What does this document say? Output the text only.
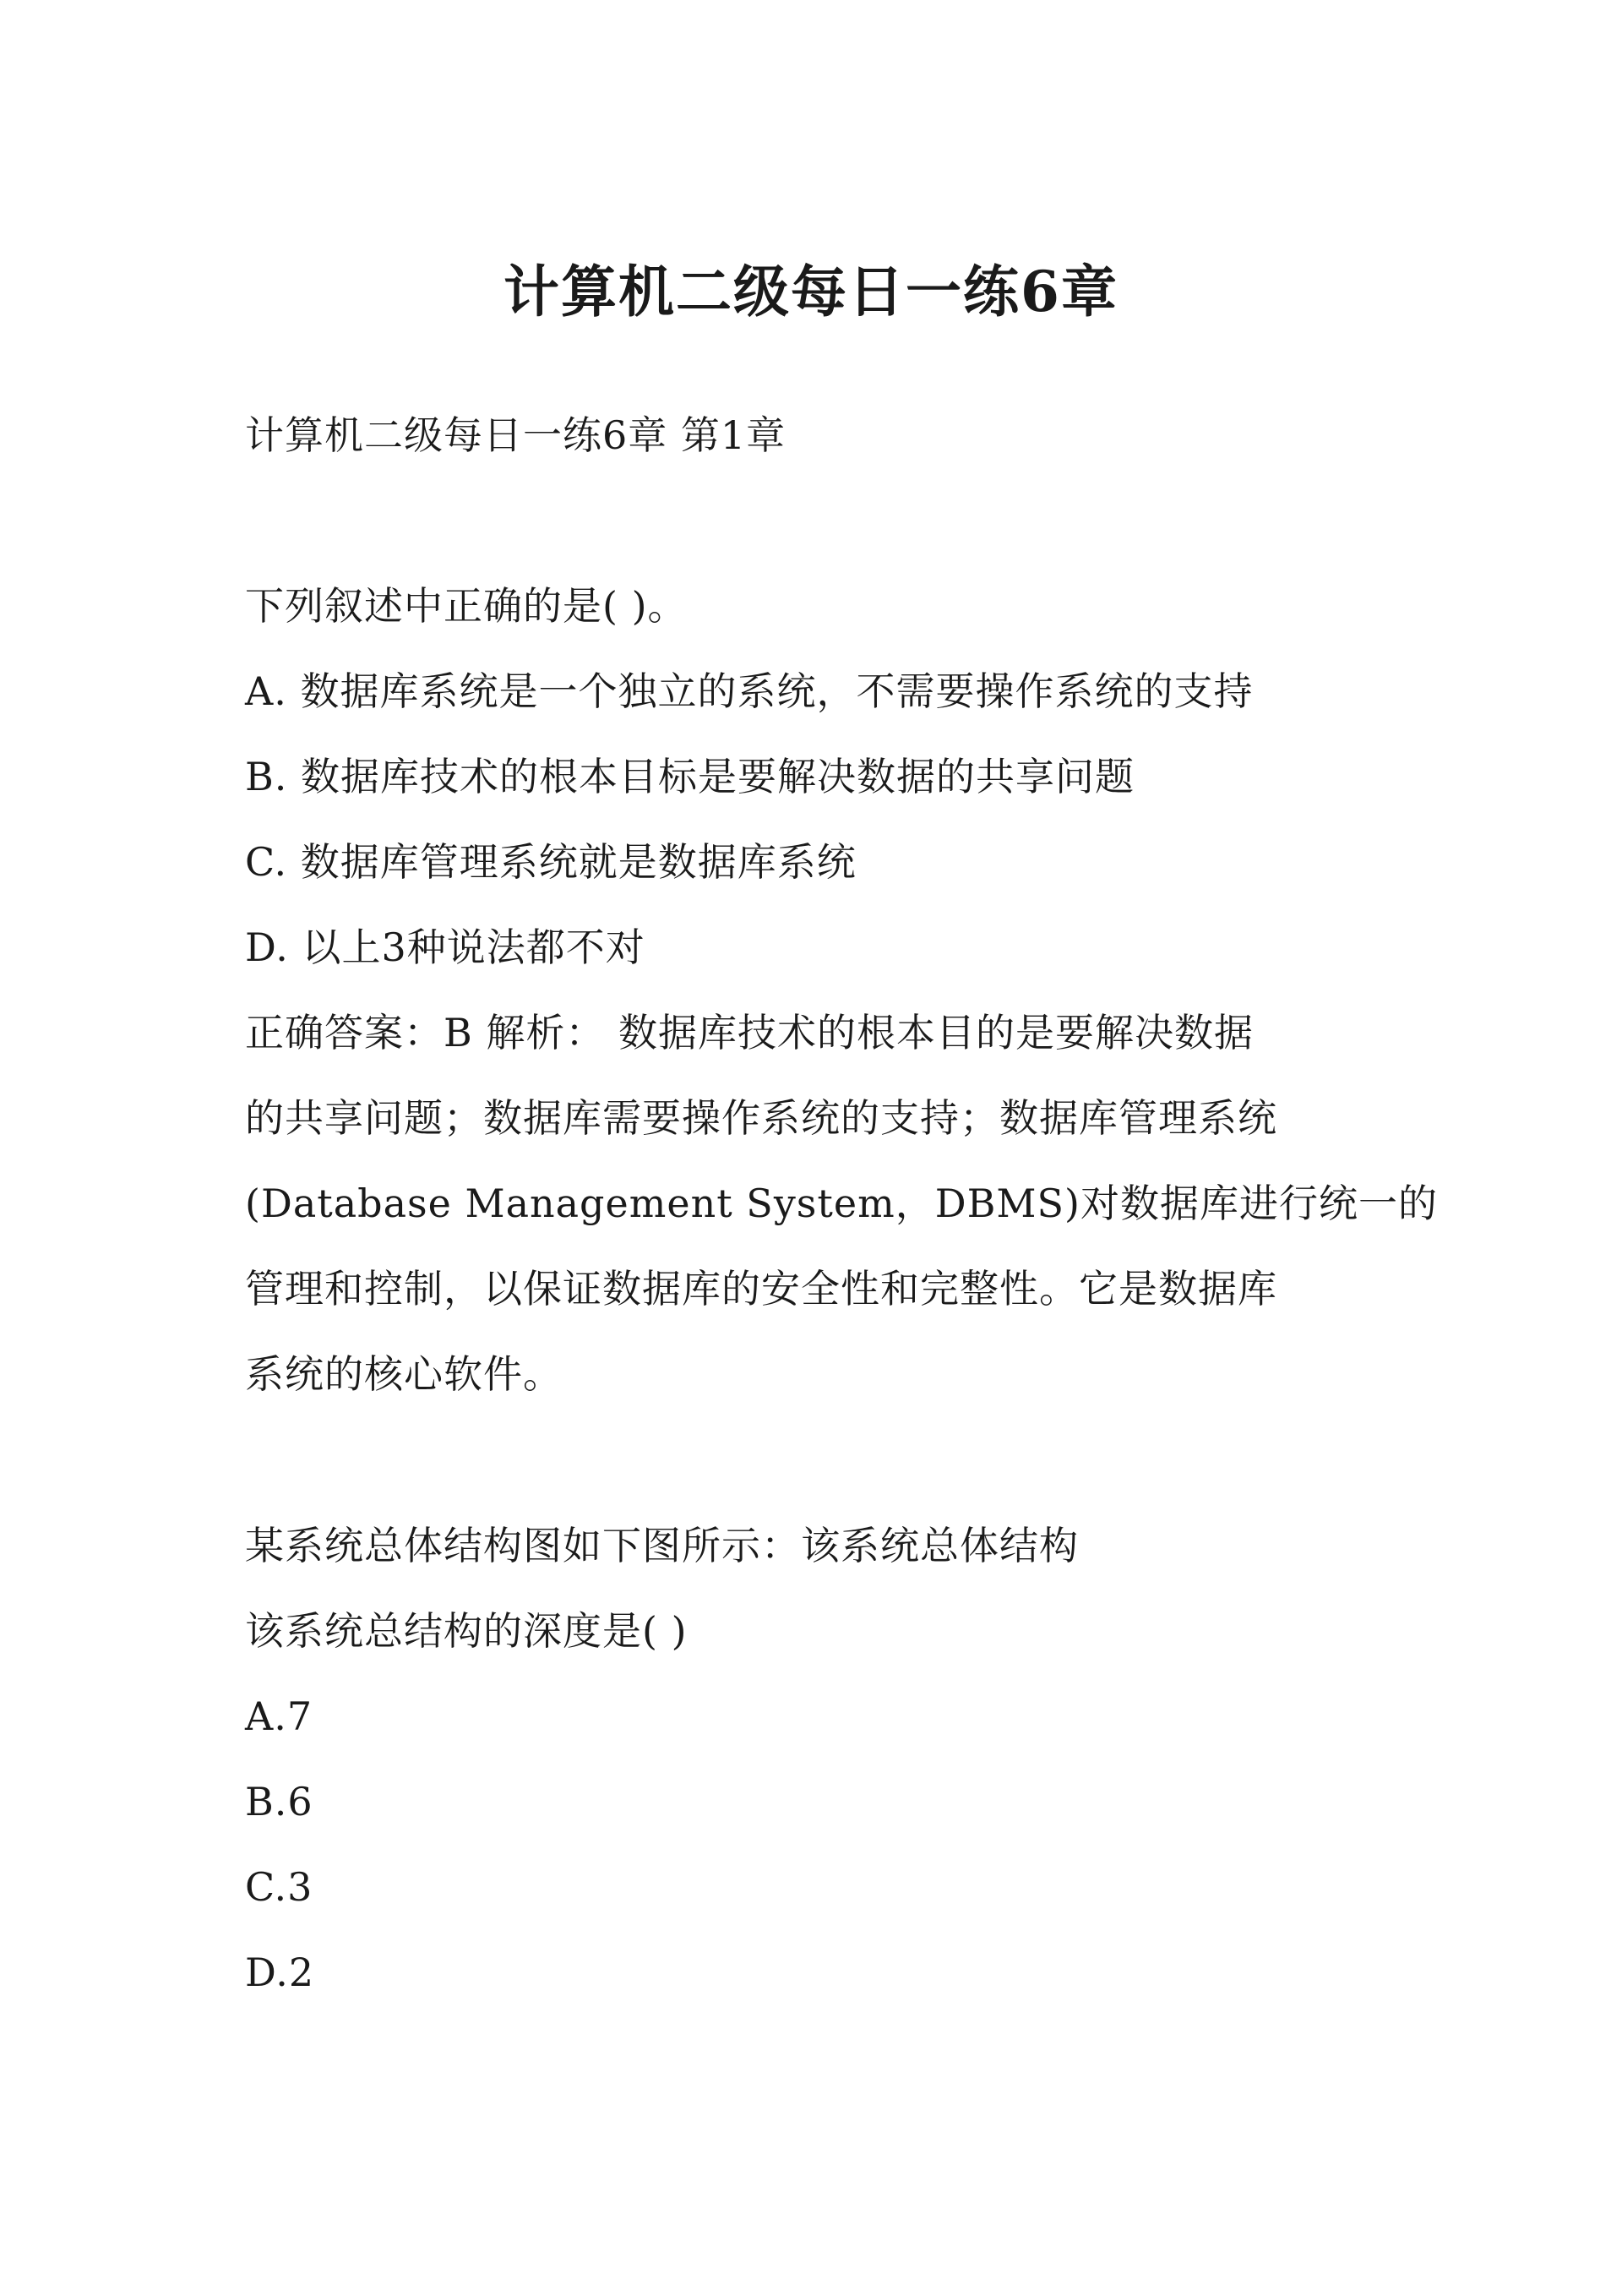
计算机二级每日一练6章
计算机二级每日一练6章 第1章
下列叙述中正确的是( )。
A. 数据库系统是一个独立的系统，不需要操作系统的支持
B. 数据库技术的根本目标是要解决数据的共享问题
C. 数据库管理系统就是数据库系统
D. 以上3种说法都不对
正确答案：B 解析： 数据库技术的根本目的是要解决数据
的共享问题；数据库需要操作系统的支持；数据库管理系统
(Database Management System，DBMS)对数据库进行统一的
管理和控制，以保证数据库的安全性和完整性。它是数据库
系统的核心软件。
某系统总体结构图如下图所示：该系统总体结构
该系统总结构的深度是( )
A.7
B.6
C.3
D.2
